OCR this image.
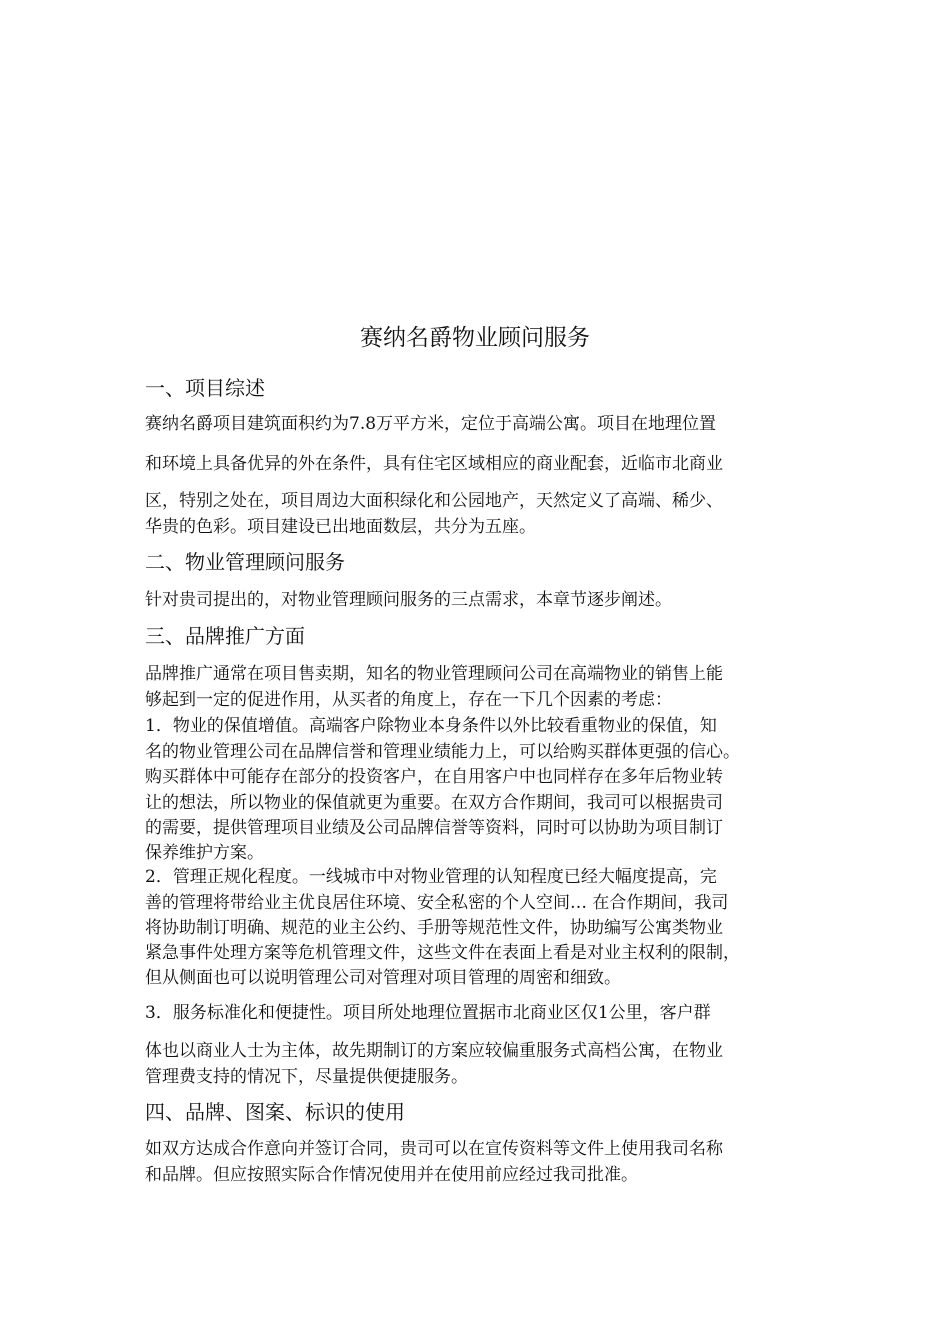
赛纳名爵物业顾问服务
一、项目综述
赛纳名爵项目建筑面积约为7.8万平方米，定位于高端公寓。项目在地理位置
和环境上具备优异的外在条件，具有住宅区域相应的商业配套，近临市北商业
区，特别之处在，项目周边大面积绿化和公园地产，天然定义了高端、稀少、
华贵的色彩。项目建设已出地面数层，共分为五座。
二、物业管理顾问服务
针对贵司提出的，对物业管理顾问服务的三点需求，本章节逐步阐述。
三、品牌推广方面
品牌推广通常在项目售卖期，知名的物业管理顾问公司在高端物业的销售上能
够起到一定的促进作用，从买者的角度上，存在一下几个因素的考虑：
1．物业的保值增值。高端客户除物业本身条件以外比较看重物业的保值，知
名的物业管理公司在品牌信誉和管理业绩能力上，可以给购买群体更强的信心。
购买群体中可能存在部分的投资客户，在自用客户中也同样存在多年后物业转
让的想法，所以物业的保值就更为重要。在双方合作期间，我司可以根据贵司
的需要，提供管理项目业绩及公司品牌信誉等资料，同时可以协助为项目制订
保养维护方案。
2．管理正规化程度。一线城市中对物业管理的认知程度已经大幅度提高，完
善的管理将带给业主优良居住环境、安全私密的个人空间… 在合作期间，我司
将协助制订明确、规范的业主公约、手册等规范性文件，协助编写公寓类物业
紧急事件处理方案等危机管理文件，这些文件在表面上看是对业主权利的限制，
但从侧面也可以说明管理公司对管理对项目管理的周密和细致。
3．服务标准化和便捷性。项目所处地理位置据市北商业区仅1公里，客户群
体也以商业人士为主体，故先期制订的方案应较偏重服务式高档公寓，在物业
管理费支持的情况下，尽量提供便捷服务。
四、品牌、图案、标识的使用
如双方达成合作意向并签订合同，贵司可以在宣传资料等文件上使用我司名称
和品牌。但应按照实际合作情况使用并在使用前应经过我司批准。
